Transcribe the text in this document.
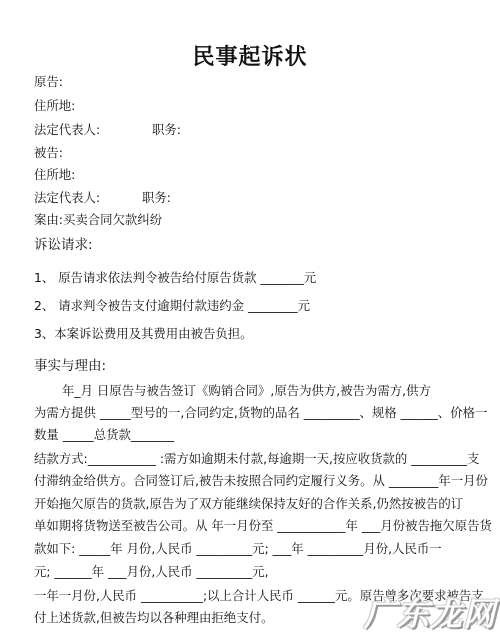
民事起诉状
原告:
住所地:
法定代表人:	职务:
被告:
住所地:
法定代表人:	职务:
案由:买卖合同欠款纠纷
诉讼请求:
1、 原告请求依法判令被告给付原告货款 _______元
2、 请求判令被告支付逾期付款违约金 ________元
3、本案诉讼费用及其费用由被告负担。
事实与理由:
年_月 日原告与被告签订《购销合同》,原告为供方,被告为需方,供方
为需方提供 _____型号的一,合同约定,货物的品名 _________、规格 ______、价格一
数量 _____总货款_______
结款方式:___________ :需方如逾期未付款,每逾期一天,按应收货款的 _________支
付滞纳金给供方。合同签订后,被告未按照合同约定履行义务。从 ________年一月份
开始拖欠原告的货款,原告为了双方能继续保持友好的合作关系,仍然按被告的订
单如期将货物送至被告公司。从 年一月份至 ___________年 ___月份被告拖欠原告货
款如下: _____年 月份,人民币 _________元; ___年 _________月份,人民币一
元; ______年 ___月份,人民币 _________元,
一年一月份,人民币 __________;以上合计人民币 ______元。原告曾多次要求被告支
付上述货款,但被告均以各种理由拒绝支付。	广东龙网
